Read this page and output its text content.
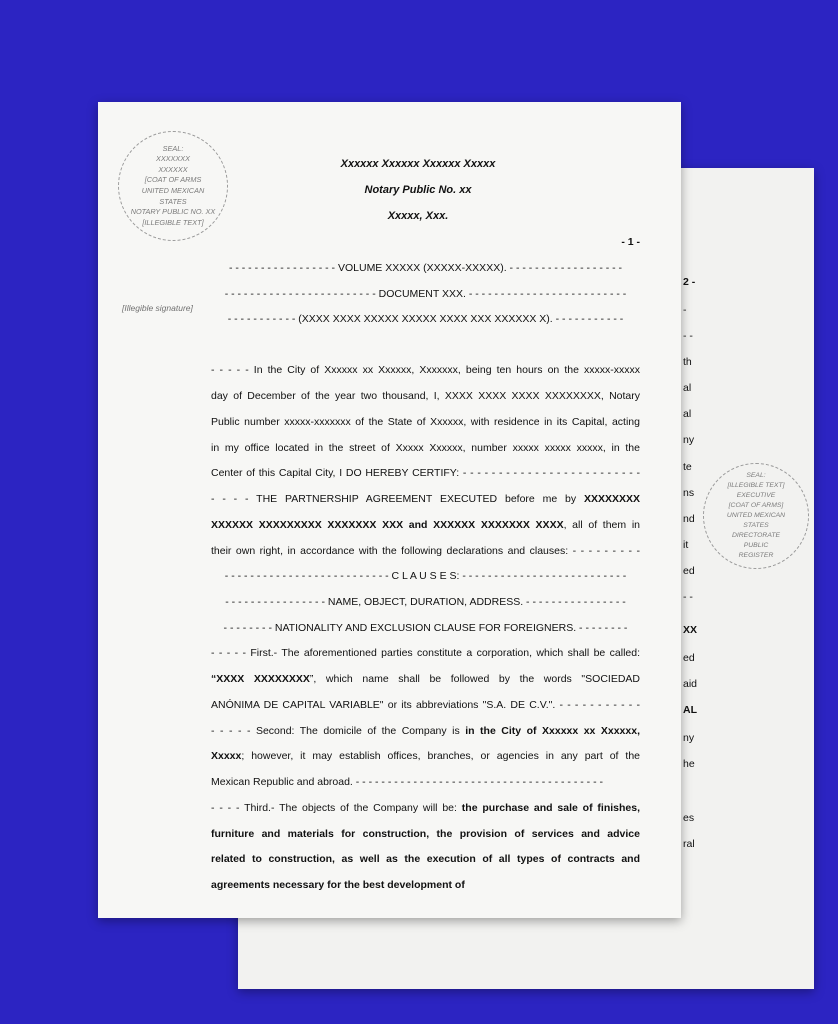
SEAL:
[ILLEGIBLE TEXT]
EXECUTIVE
[COAT OF ARMS]
UNITED MEXICAN
STATES
DIRECTORATE
PUBLIC
REGISTER
2 -
-
- -
th
al
al
ny
te
ns
nd
it
ed
- -
XX
ed
aid
AL
ny
he
es
ral
SEAL:
XXXXXXX
XXXXXX
[COAT OF ARMS
UNITED MEXICAN
STATES
NOTARY PUBLIC NO. XX
[ILLEGIBLE TEXT]
[Illegible signature]
Xxxxxx Xxxxxx Xxxxxx Xxxxx
Notary Public No. xx
Xxxxx, Xxx.
- 1 -
- - - - - - - - - - - - - - - - - VOLUME XXXXX (XXXXX-XXXXX). - - - - - - - - - - - - - - - - - -
- - - - - - - - - - - - - - - - - - - - - - - - DOCUMENT XXX. - - - - - - - - - - - - - - - - - - - - - - - - -
- - - - - - - - - - - (XXXX XXXX XXXXX XXXXX XXXX XXX XXXXXX X). - - - - - - - - - - -
- - - - - In the City of Xxxxxx xx Xxxxxx, Xxxxxxx, being ten hours on the xxxxx-xxxxx
day of December of the year two thousand, I, XXXX XXXX XXXX XXXXXXXX, Notary
Public number xxxxx-xxxxxxx of the State of Xxxxxx, with residence in its Capital, acting
in my office located in the street of Xxxxx Xxxxxx, number xxxxx xxxxx xxxxx, in the
Center of this Capital City, I DO HEREBY CERTIFY: - - - - - - - - - - - - - - - - - - - - - - - - -
- - - - THE PARTNERSHIP AGREEMENT EXECUTED before me by XXXXXXXX
XXXXXX XXXXXXXXX XXXXXXX XXX and XXXXXX XXXXXXX XXXX, all of them in
their own right, in accordance with the following declarations and clauses: - - - - - - - - -
- - - - - - - - - - - - - - - - - - - - - - - - - - C L A U S E S: - - - - - - - - - - - - - - - - - - - - - - - - - -
- - - - - - - - - - - - - - - - NAME, OBJECT, DURATION, ADDRESS. - - - - - - - - - - - - - - - -
- - - - - - - - NATIONALITY AND EXCLUSION CLAUSE FOR FOREIGNERS. - - - - - - - -
- - - - - First.- The aforementioned parties constitute a corporation, which shall be called:
“XXXX XXXXXXXX”, which name shall be followed by the words "SOCIEDAD
ANÓNIMA DE CAPITAL VARIABLE" or its abbreviations "S.A. DE C.V.". - - - - - - - - - - -
- - - - - Second: The domicile of the Company is in the City of Xxxxxx xx Xxxxxx,
Xxxxx; however, it may establish offices, branches, or agencies in any part of the
Mexican Republic and abroad. - - - - - - - - - - - - - - - - - - - - - - - - - - - - - - - - - - - - - - -
- - - - Third.- The objects of the Company will be: the purchase and sale of finishes,
furniture and materials for construction, the provision of services and advice
related to construction, as well as the execution of all types of contracts and
agreements necessary for the best development of
